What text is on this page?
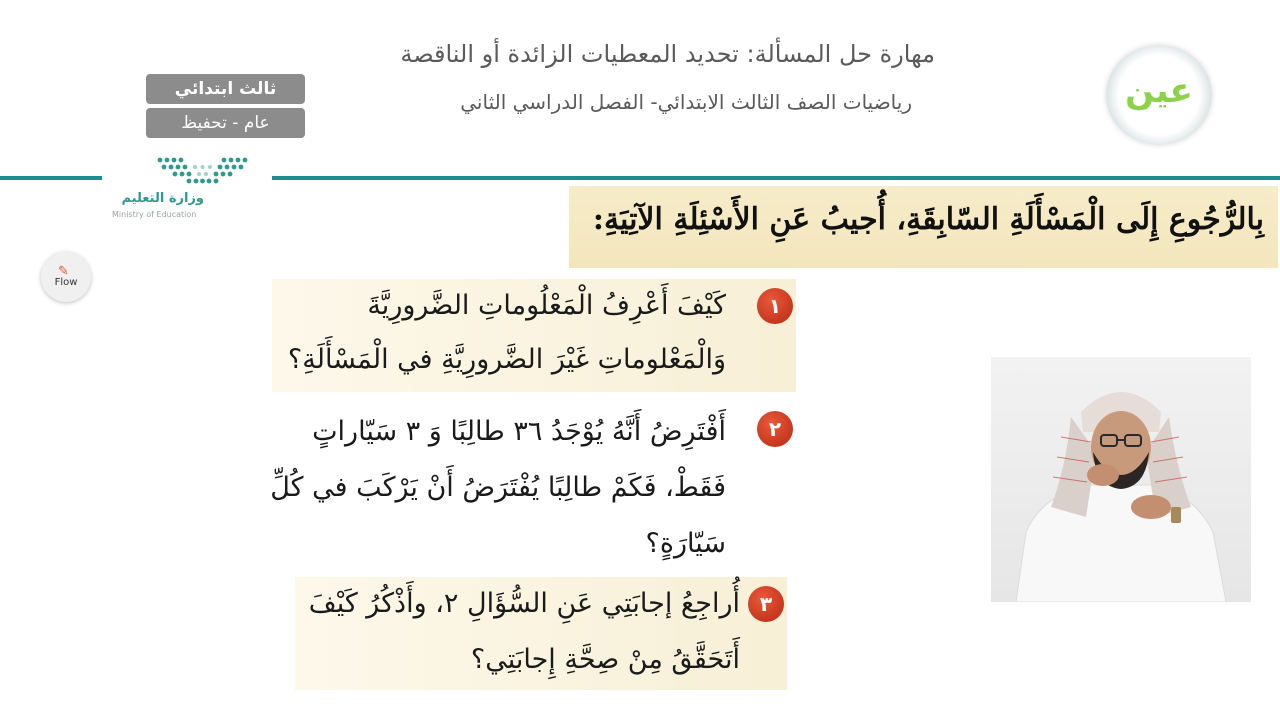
مهارة حل المسألة: تحديد المعطيات الزائدة أو الناقصة
رياضيات الصف الثالث الابتدائي- الفصل الدراسي الثاني
ثالث ابتدائي
عام - تحفيظ
عين
وزارة التعليم
Ministry of Education
✎
Flow
بِالرُّجُوعِ إِلَى الْمَسْأَلَةِ السّابِقَةِ، أُجيبُ عَنِ الأَسْئِلَةِ الآتِيَةِ:
١
كَيْفَ أَعْرِفُ الْمَعْلُوماتِ الضَّرورِيَّةَ
وَالْمَعْلوماتِ غَيْرَ الضَّرورِيَّةِ في الْمَسْأَلَةِ؟
٢
أَفْتَرِضُ أَنَّهُ يُوْجَدُ ٣٦ طالِبًا وَ ٣ سَيّاراتٍ
فَقَطْ، فَكَمْ طالِبًا يُفْتَرَضُ أَنْ يَرْكَبَ في كُلِّ
سَيّارَةٍ؟
٣
أُراجِعُ إجابَتِي عَنِ السُّؤَالِ ٢، وأَذْكُرُ كَيْفَ
أَتَحَقَّقُ مِنْ صِحَّةِ إِجابَتِي؟
